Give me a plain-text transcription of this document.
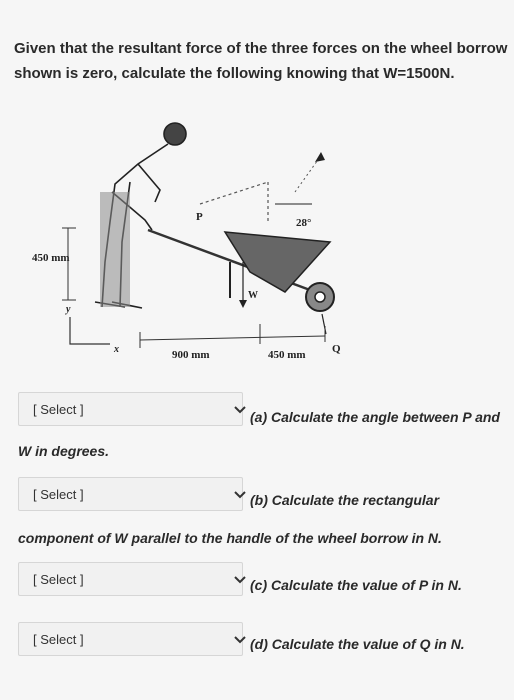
Given that the resultant force of the three forces on the wheel borrow shown is zero, calculate the following knowing that W=1500N.
450 mm
900 mm	450 mm
28°
P
W
Q
x
y
[ Select ]	(a) Calculate the angle between P and
W in degrees.
[ Select ]	(b) Calculate the rectangular
component of W parallel to the handle of the wheel borrow in N.
[ Select ]	(c) Calculate the value of P in N.
[ Select ]	(d) Calculate the value of Q in N.
